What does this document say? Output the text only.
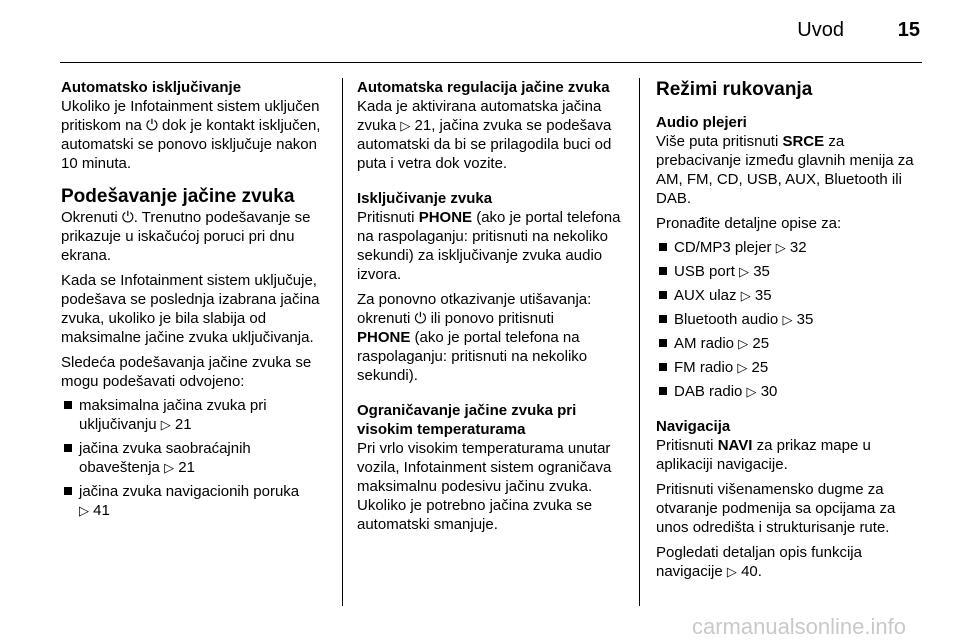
Uvod	15
Automatsko isključivanje
Ukoliko je Infotainment sistem uključen pritiskom na ⏻ dok je kontakt isključen, automatski se ponovo isključuje nakon 10 minuta.
Podešavanje jačine zvuka
Okrenuti ⏻. Trenutno podešavanje se prikazuje u iskačućoj poruci pri dnu ekrana.
Kada se Infotainment sistem uključuje, podešava se poslednja izabrana jačina zvuka, ukoliko je bila slabija od maksimalne jačine zvuka uključivanja.
Sledeća podešavanja jačine zvuka se mogu podešavati odvojeno:
maksimalna jačina zvuka pri uključivanju ▷ 21
jačina zvuka saobraćajnih obaveštenja ▷ 21
jačina zvuka navigacionih poruka
▷ 41
Automatska regulacija jačine zvuka
Kada je aktivirana automatska jačina zvuka ▷ 21, jačina zvuka se podešava automatski da bi se prilagodila buci od puta i vetra dok vozite.
Isključivanje zvuka
Pritisnuti PHONE (ako je portal telefona na raspolaganju: pritisnuti na nekoliko sekundi) za isključivanje zvuka audio izvora.
Za ponovno otkazivanje utišavanja: okrenuti ⏻ ili ponovo pritisnuti
PHONE (ako je portal telefona na raspolaganju: pritisnuti na nekoliko sekundi).
Ograničavanje jačine zvuka pri visokim temperaturama
Pri vrlo visokim temperaturama unutar vozila, Infotainment sistem ograničava maksimalnu podesivu jačinu zvuka. Ukoliko je potrebno jačina zvuka se automatski smanjuje.
Režimi rukovanja
Audio plejeri
Više puta pritisnuti SRCE za prebacivanje između glavnih menija za AM, FM, CD, USB, AUX, Bluetooth ili DAB.
Pronađite detaljne opise za:
CD/MP3 plejer ▷ 32
USB port ▷ 35
AUX ulaz ▷ 35
Bluetooth audio ▷ 35
AM radio ▷ 25
FM radio ▷ 25
DAB radio ▷ 30
Navigacija
Pritisnuti NAVI za prikaz mape u aplikaciji navigacije.
Pritisnuti višenamensko dugme za otvaranje podmenija sa opcijama za unos odredišta i strukturisanje rute.
Pogledati detaljan opis funkcija navigacije ▷ 40.
carmanualsonline.info
